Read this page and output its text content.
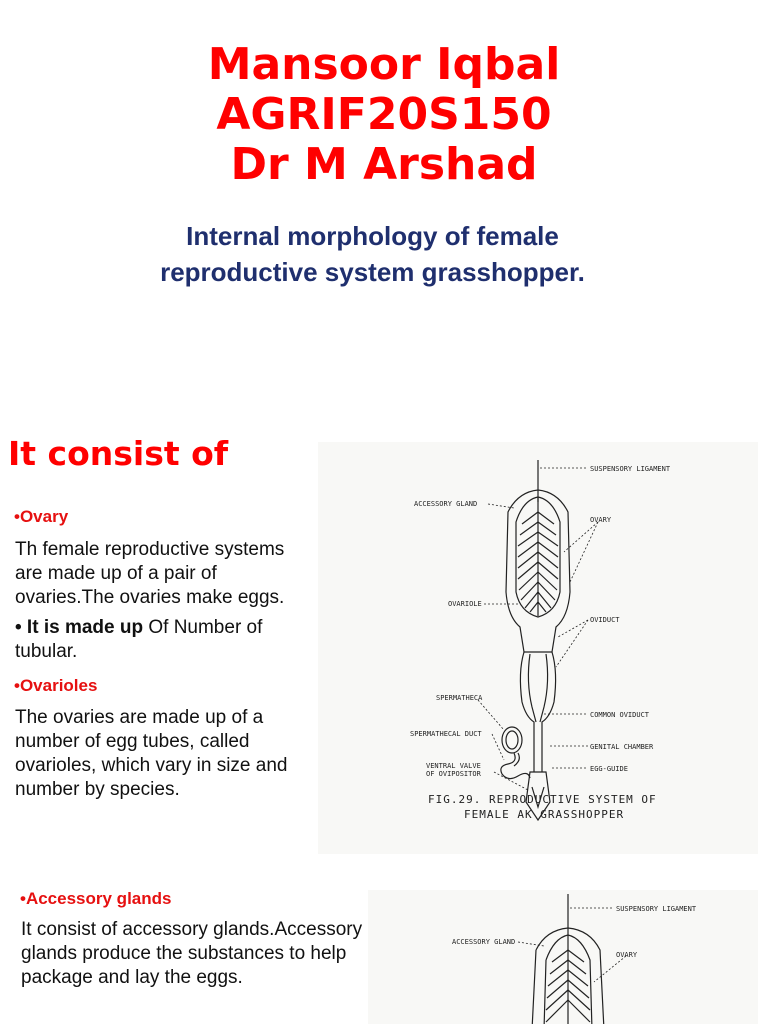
Mansoor Iqbal
AGRIF20S150
Dr M Arshad
Internal morphology of female reproductive system grasshopper.
It consist of
•Ovary
Th female reproductive systems are made up of a pair of ovaries.The ovaries make eggs.
• It is made up Of Number of tubular.
•Ovarioles
The ovaries are made up of a number of egg tubes, called ovarioles, which vary in size and number by species.
SUSPENSORY LIGAMENT
ACCESSORY GLAND
OVARY
OVARIOLE
OVIDUCT
SPERMATHECA
COMMON OVIDUCT
SPERMATHECAL DUCT
GENITAL CHAMBER
VENTRAL VALVE
OF OVIPOSITOR
EGG-GUIDE
FIG.29. REPRODUCTIVE SYSTEM OF
FEMALE AK GRASSHOPPER
•Accessory glands
It consist of accessory glands.Accessory glands produce the substances to help package and lay the eggs.
SUSPENSORY LIGAMENT
ACCESSORY GLAND
OVARY
